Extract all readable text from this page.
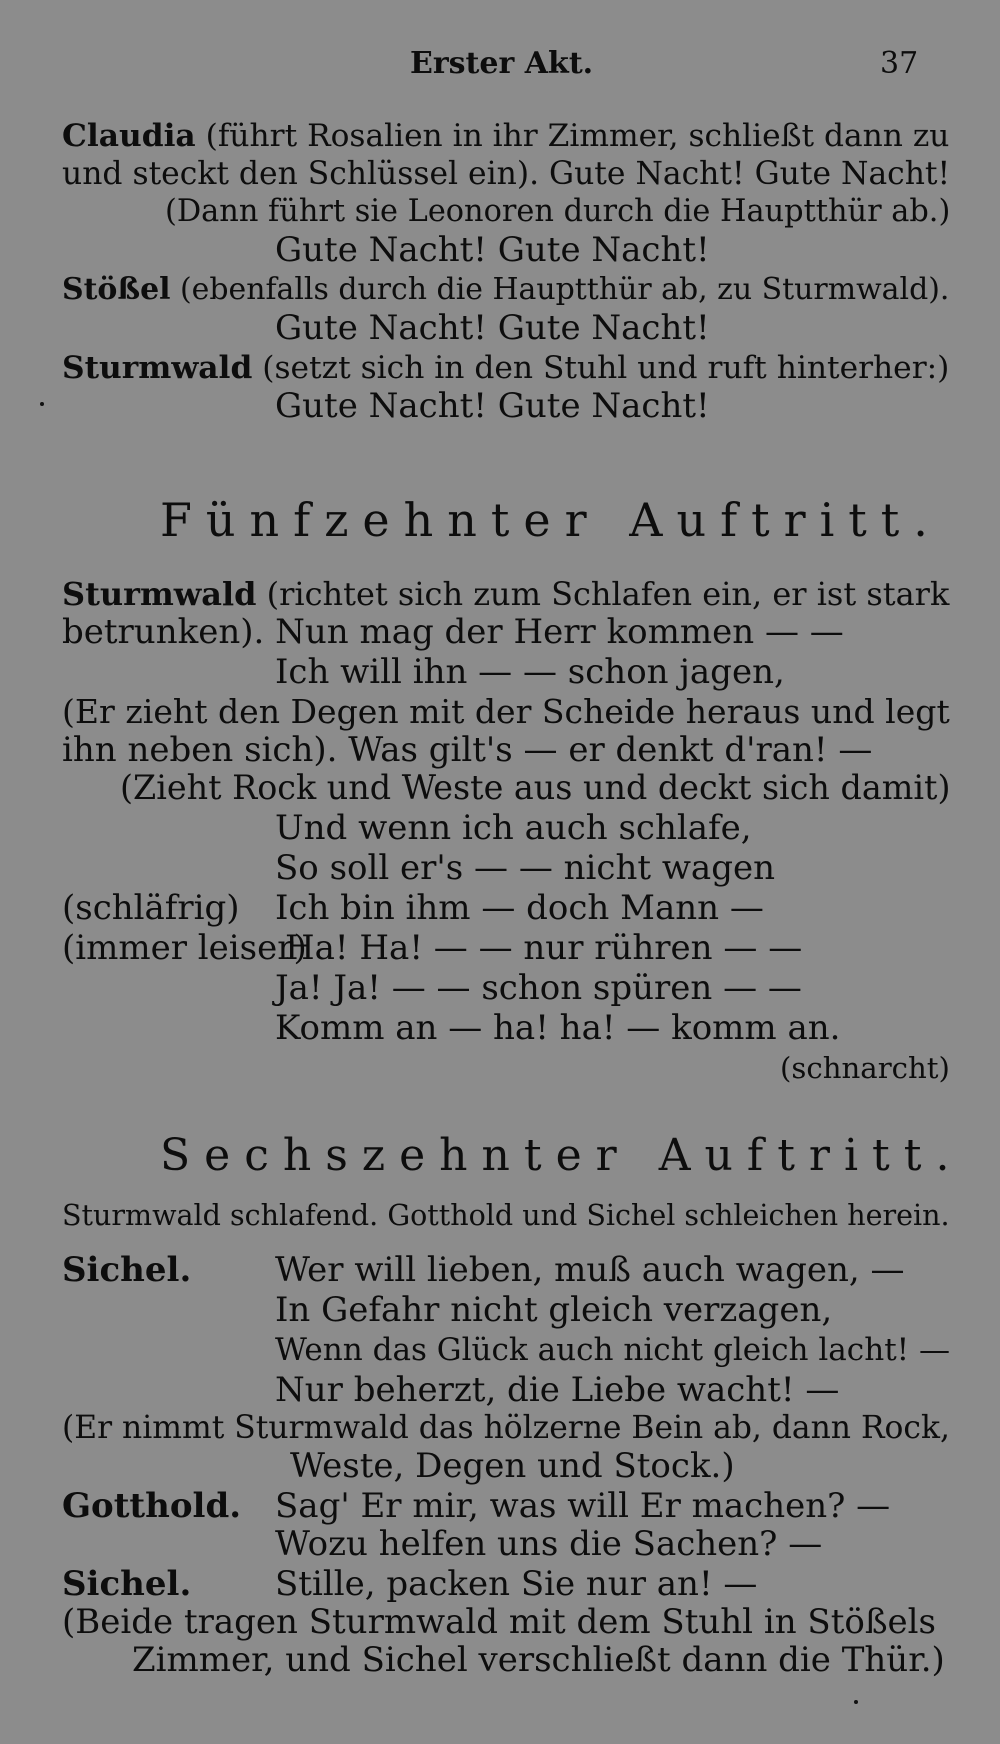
Erster Akt.	37
Claudia (führt Rosalien in ihr Zimmer, schließt dann zu
und steckt den Schlüssel ein). Gute Nacht! Gute Nacht!
(Dann führt sie Leonoren durch die Hauptthür ab.)
Gute Nacht! Gute Nacht!
Stößel (ebenfalls durch die Hauptthür ab, zu Sturmwald).
Gute Nacht! Gute Nacht!
Sturmwald (setzt sich in den Stuhl und ruft hinterher:)
Gute Nacht! Gute Nacht!
Fünfzehnter Auftritt.
Sturmwald (richtet sich zum Schlafen ein, er ist stark
betrunken). Nun mag der Herr kommen — —
Ich will ihn — — schon jagen,
(Er zieht den Degen mit der Scheide heraus und legt
ihn neben sich). Was gilt's — er denkt d'ran! —
(Zieht Rock und Weste aus und deckt sich damit)
Und wenn ich auch schlafe,
So soll er's — — nicht wagen
(schläfrig) Ich bin ihm — doch Mann —
(immer leiser)
Ha! Ha! — — nur rühren — —
Ja! Ja! — — schon spüren — —
Komm an — ha! ha! — komm an.
(schnarcht)
Sechszehnter Auftritt.
Sturmwald schlafend. Gotthold und Sichel schleichen herein.
Sichel. Wer will lieben, muß auch wagen, —
In Gefahr nicht gleich verzagen,
Wenn das Glück auch nicht gleich lacht! —
Nur beherzt, die Liebe wacht! —
(Er nimmt Sturmwald das hölzerne Bein ab, dann Rock,
Weste, Degen und Stock.)
Gotthold. Sag' Er mir, was will Er machen? —
Wozu helfen uns die Sachen? —
Sichel. Stille, packen Sie nur an! —
(Beide tragen Sturmwald mit dem Stuhl in Stößels
Zimmer, und Sichel verschließt dann die Thür.)
